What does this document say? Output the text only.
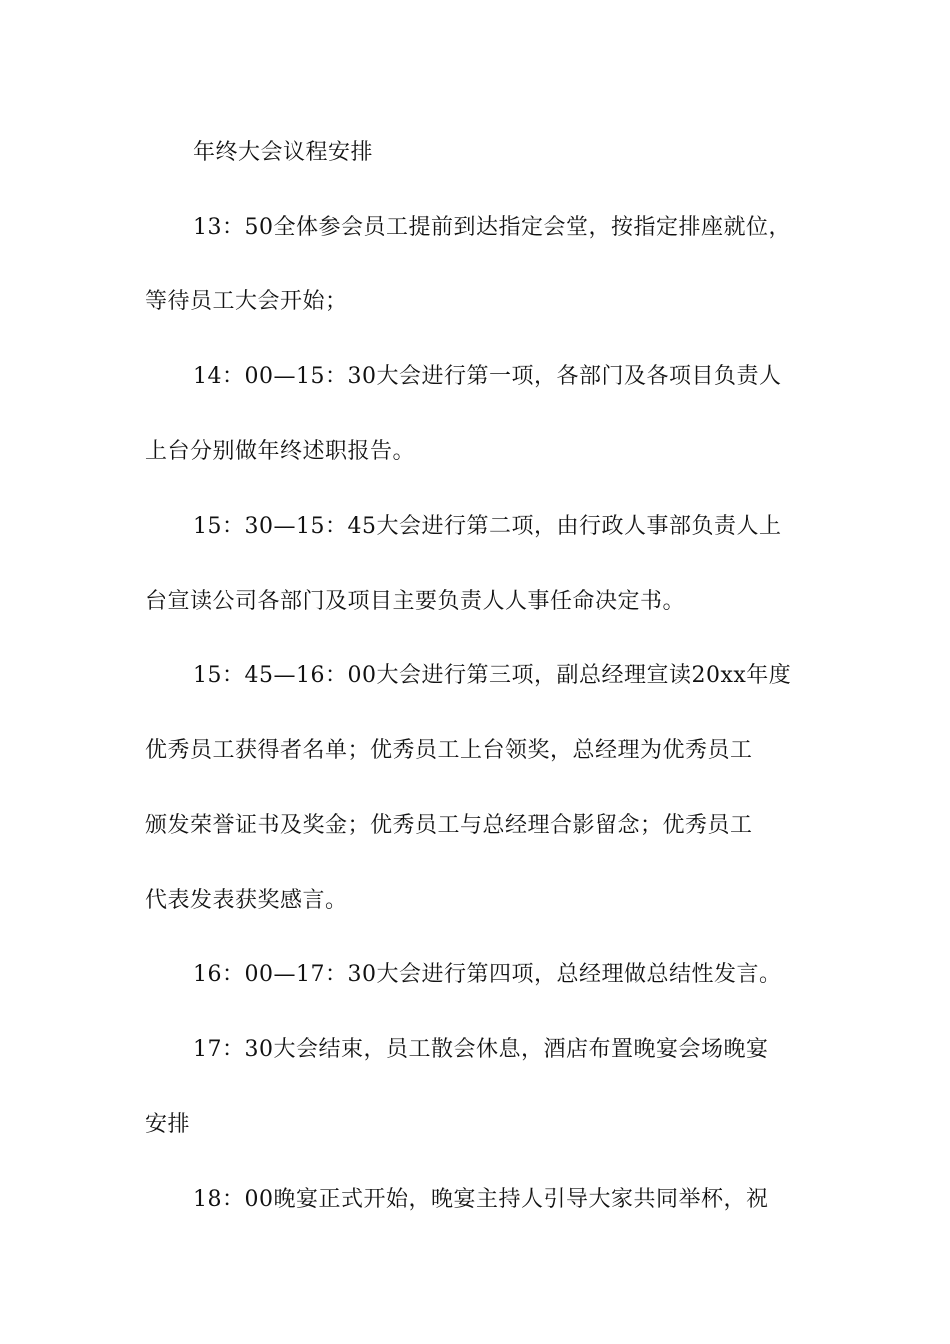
年终大会议程安排
13：50全体参会员工提前到达指定会堂，按指定排座就位，
等待员工大会开始；
14：00—15：30大会进行第一项，各部门及各项目负责人
上台分别做年终述职报告。
15：30—15：45大会进行第二项，由行政人事部负责人上
台宣读公司各部门及项目主要负责人人事任命决定书。
15：45—16：00大会进行第三项，副总经理宣读20xx年度
优秀员工获得者名单；优秀员工上台领奖，总经理为优秀员工
颁发荣誉证书及奖金；优秀员工与总经理合影留念；优秀员工
代表发表获奖感言。
16：00—17：30大会进行第四项，总经理做总结性发言。
17：30大会结束，员工散会休息，酒店布置晚宴会场晚宴
安排
18：00晚宴正式开始，晚宴主持人引导大家共同举杯，祝
